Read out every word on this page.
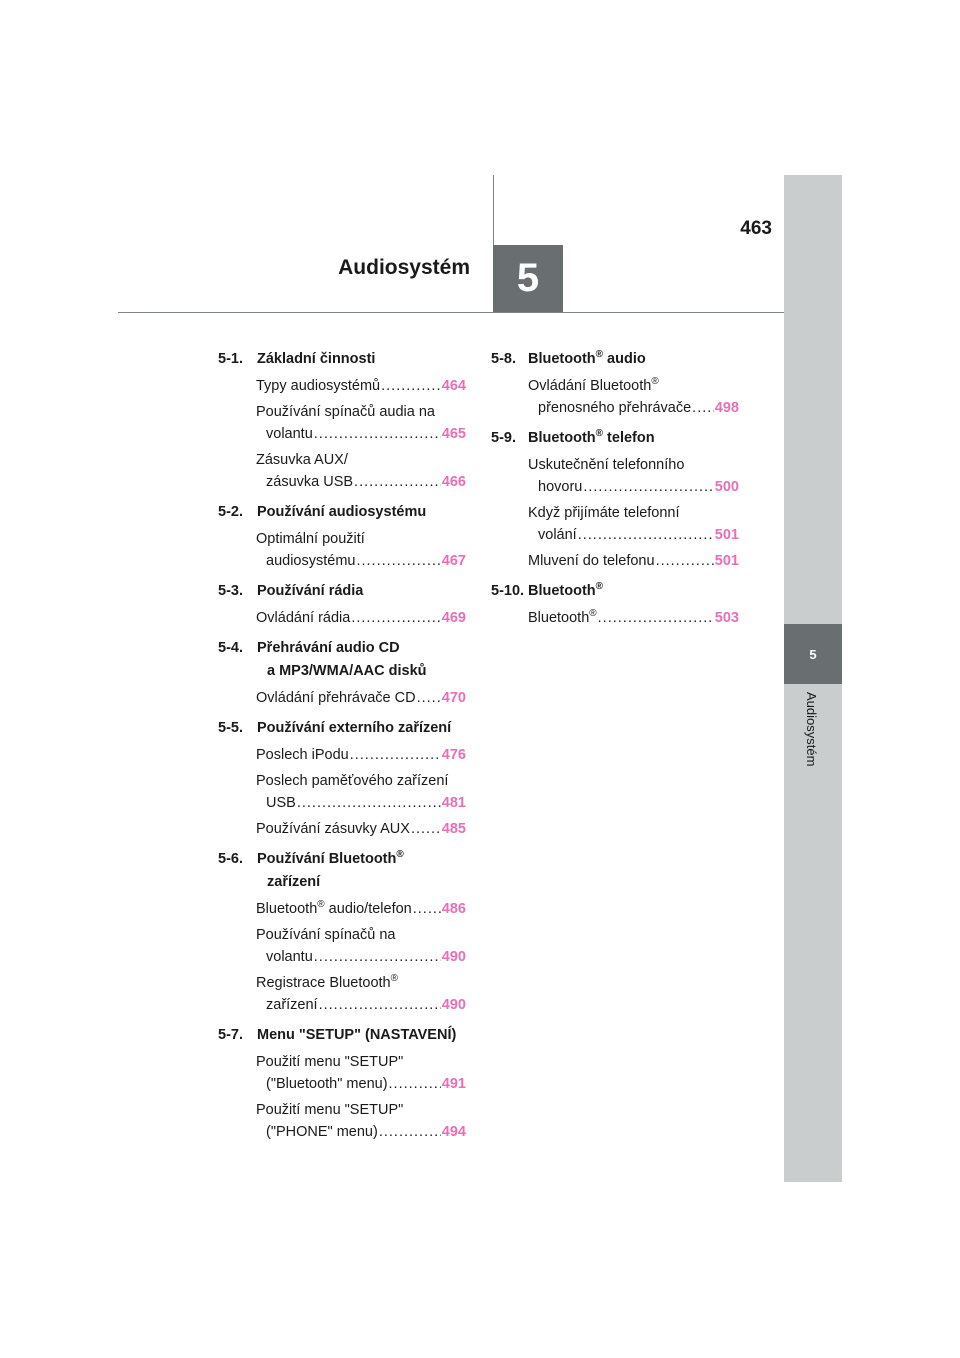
5
Audiosystém
5
Audiosystém
463
5-1. Základní činnosti
Typy audiosystémů .....	464
Používání spínačů audia na
volantu .....	465
Zásuvka AUX/
zásuvka USB .....	466
5-2. Používání audiosystému
Optimální použití
audiosystému .....	467
5-3. Používání rádia
Ovládání rádia .....	469
5-4. Přehrávání audio CD
a MP3/WMA/AAC disků
Ovládání přehrávače CD ..... 470
5-5. Používání externího zařízení
Poslech iPodu .....	476
Poslech paměťového zařízení
USB .....	481
Používání zásuvky AUX ..... 485
5-6. Používání Bluetooth®
zařízení
Bluetooth® audio/telefon ..... 486
Používání spínačů na
volantu .....	490
Registrace Bluetooth®
zařízení .....	490
5-7. Menu "SETUP" (NASTAVENÍ)
Použití menu "SETUP"
("Bluetooth" menu) .....	491
Použití menu "SETUP"
("PHONE" menu) .....	494
5-8. Bluetooth® audio
Ovládání Bluetooth®
přenosného přehrávače ..... 498
5-9. Bluetooth® telefon
Uskutečnění telefonního
hovoru .....	500
Když přijímáte telefonní
volání .....	501
Mluvení do telefonu .....	501
5-10. Bluetooth®
Bluetooth® .....	503
